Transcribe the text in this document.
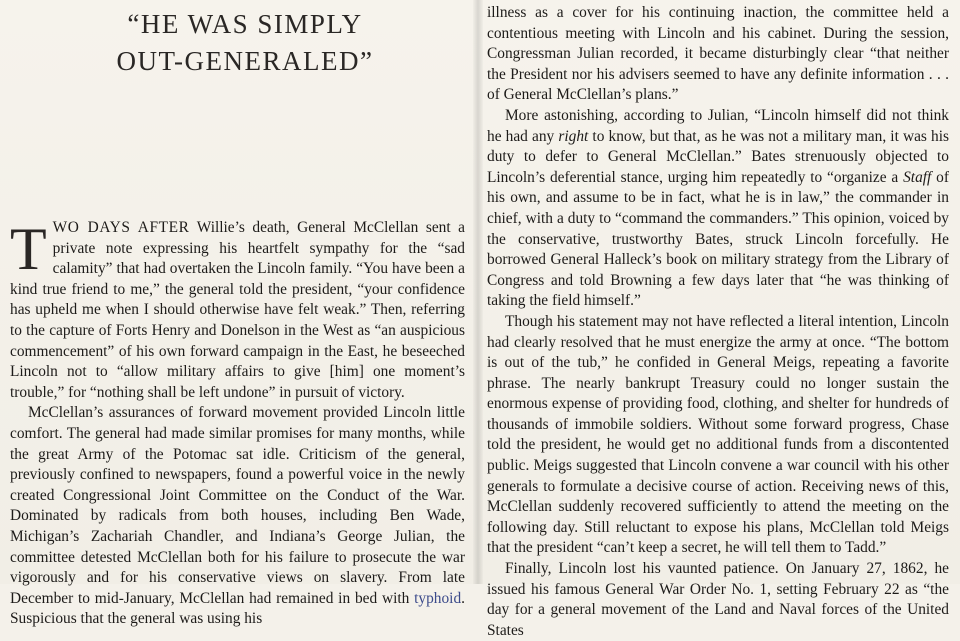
“HE WAS SIMPLY
OUT-GENERALED”

TWO DAYS AFTER Willie’s death, General McClellan sent a private note expressing his heartfelt sympathy for the “sad calamity” that had overtaken the Lincoln family. “You have been a kind true friend to me,” the general told the president, “your confidence has upheld me when I should otherwise have felt weak.” Then, referring to the capture of Forts Henry and Donelson in the West as “an auspicious commencement” of his own forward campaign in the East, he beseeched Lincoln not to “allow military affairs to give [him] one moment’s trouble,” for “nothing shall be left undone” in pursuit of victory.

McClellan’s assurances of forward movement provided Lincoln little comfort. The general had made similar promises for many months, while the great Army of the Potomac sat idle. Criticism of the general, previously confined to newspapers, found a powerful voice in the newly created Congressional Joint Committee on the Conduct of the War. Dominated by radicals from both houses, including Ben Wade, Michigan’s Zachariah Chandler, and Indiana’s George Julian, the committee detested McClellan both for his failure to prosecute the war vigorously and for his conservative views on slavery. From late December to mid-January, McClellan had remained in bed with typhoid. Suspicious that the general was using his

illness as a cover for his continuing inaction, the committee held a contentious meeting with Lincoln and his cabinet. During the session, Congressman Julian recorded, it became disturbingly clear “that neither the President nor his advisers seemed to have any definite information . . . of General McClellan’s plans.”

More astonishing, according to Julian, “Lincoln himself did not think he had any right to know, but that, as he was not a military man, it was his duty to defer to General McClellan.” Bates strenuously objected to Lincoln’s deferential stance, urging him repeatedly to “organize a Staff of his own, and assume to be in fact, what he is in law,” the commander in chief, with a duty to “command the commanders.” This opinion, voiced by the conservative, trustworthy Bates, struck Lincoln forcefully. He borrowed General Halleck’s book on military strategy from the Library of Congress and told Browning a few days later that “he was thinking of taking the field himself.”

Though his statement may not have reflected a literal intention, Lincoln had clearly resolved that he must energize the army at once. “The bottom is out of the tub,” he confided in General Meigs, repeating a favorite phrase. The nearly bankrupt Treasury could no longer sustain the enormous expense of providing food, clothing, and shelter for hundreds of thousands of immobile soldiers. Without some forward progress, Chase told the president, he would get no additional funds from a discontented public. Meigs suggested that Lincoln convene a war council with his other generals to formulate a decisive course of action. Receiving news of this, McClellan suddenly recovered sufficiently to attend the meeting on the following day. Still reluctant to expose his plans, McClellan told Meigs that the president “can’t keep a secret, he will tell them to Tadd.”

Finally, Lincoln lost his vaunted patience. On January 27, 1862, he issued his famous General War Order No. 1, setting February 22 as “the day for a general movement of the Land and Naval forces of the United States
